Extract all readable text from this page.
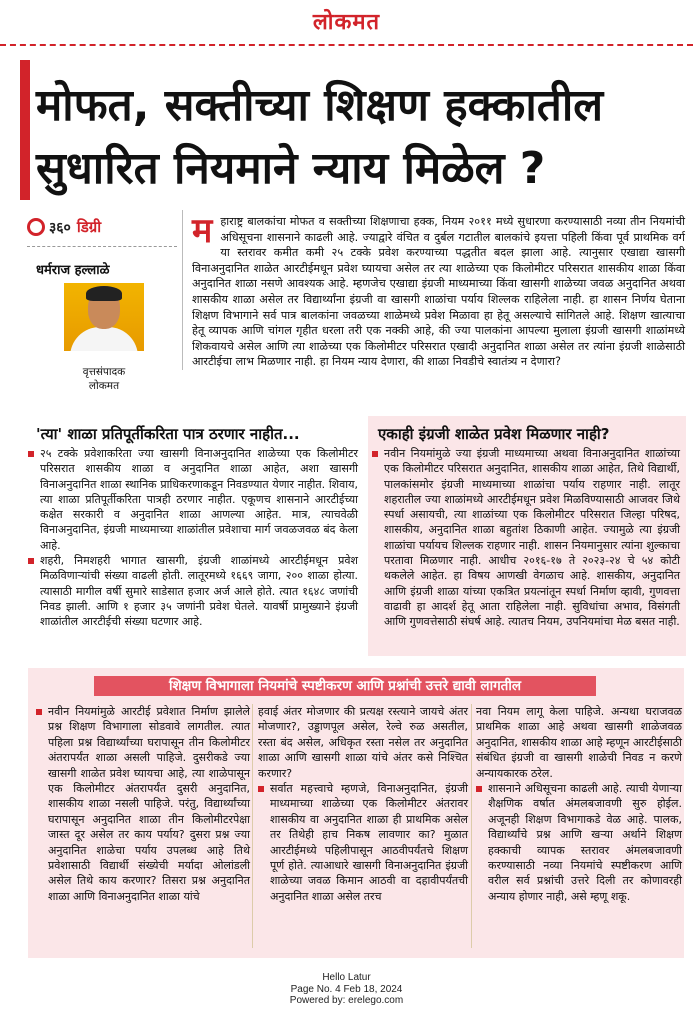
लोकमत
मोफत, सक्तीच्या शिक्षण हक्कातील
सुधारित नियमाने न्याय मिळेल ?
३६० डिग्री
धर्मराज हल्लाळे
वृत्तसंपादक
लोकमत
म हाराष्ट्र बालकांचा मोफत व सक्तीच्या शिक्षणाचा हक्क, नियम २०११ मध्ये सुधारणा करण्यासाठी नव्या तीन नियमांची अधिसूचना शासनाने काढली आहे. ज्याद्वारे वंचित व दुर्बल गटातील बालकांचे इयत्ता पहिली किंवा पूर्व प्राथमिक वर्ग या स्तरावर कमीत कमी २५ टक्के प्रवेश करण्याच्या पद्धतीत बदल झाला आहे. त्यानुसार एखाद्या खासगी विनाअनुदानित शाळेत आरटीईमधून प्रवेश घ्यायचा असेल तर त्या शाळेच्या एक किलोमीटर परिसरात शासकीय शाळा किंवा अनुदानित शाळा नसणे आवश्यक आहे. म्हणजेच एखाद्या इंग्रजी माध्यमाच्या किंवा खासगी शाळेच्या जवळ अनुदानित अथवा शासकीय शाळा असेल तर विद्यार्थ्यांना इंग्रजी वा खासगी शाळांचा पर्याय शिल्लक राहिलेला नाही. हा शासन निर्णय घेताना शिक्षण विभागाने सर्व पात्र बालकांना जवळच्या शाळेमध्ये प्रवेश मिळावा हा हेतू असल्याचे सांगितले आहे. शिक्षण खात्याचा हेतू व्यापक आणि चांगल गृहीत धरला तरी एक नक्की आहे, की ज्या पालकांना आपल्या मुलाला इंग्रजी खासगी शाळांमध्ये शिकवायचे असेल आणि त्या शाळेच्या एक किलोमीटर परिसरात एखादी अनुदानित शाळा असेल तर त्यांना इंग्रजी शाळेसाठी आरटीईचा लाभ मिळणार नाही. हा नियम न्याय देणारा, की शाळा निवडीचे स्वातंत्र्य न देणारा?
'त्या' शाळा प्रतिपूर्तीकरिता पात्र ठरणार नाहीत...

२५ टक्के प्रवेशाकरिता ज्या खासगी विनाअनुदानित शाळेच्या एक किलोमीटर परिसरात शासकीय शाळा व अनुदानित शाळा आहेत, अशा खासगी विनाअनुदानित शाळा स्थानिक प्राधिकरणाकडून निवडण्यात येणार नाहीत. शिवाय, त्या शाळा प्रतिपूर्तीकरिता पात्रही ठरणार नाहीत. एकूणच शासनाने आरटीईच्या कक्षेत सरकारी व अनुदानित शाळा आणल्या आहेत. मात्र, त्याचवेळी विनाअनुदानित, इंग्रजी माध्यमाच्या शाळांतील प्रवेशाचा मार्ग जवळजवळ बंद केला आहे.

शहरी, निमशहरी भागात खासगी, इंग्रजी शाळांमध्ये आरटीईमधून प्रवेश मिळविणाऱ्यांची संख्या वाढली होती. लातूरमध्ये १६६९ जागा, २०० शाळा होत्या. त्यासाठी मागील वर्षी सुमारे साडेसात हजार अर्ज आले होते. त्यात १६४८ जणांची निवड झाली. आणि १ हजार ३५ जणांनी प्रवेश घेतले. यावर्षी प्रामुख्याने इंग्रजी शाळांतील आरटीईची संख्या घटणार आहे.

एकाही इंग्रजी शाळेत प्रवेश मिळणार नाही?

नवीन नियमांमुळे ज्या इंग्रजी माध्यमाच्या अथवा विनाअनुदानित शाळांच्या एक किलोमीटर परिसरात अनुदानित, शासकीय शाळा आहेत, तिथे विद्यार्थी, पालकांसमोर इंग्रजी माध्यमाच्या शाळांचा पर्याय राहणार नाही. लातूर शहरातील ज्या शाळांमध्ये आरटीईमधून प्रवेश मिळविण्यासाठी आजवर जिथे स्पर्धा असायची, त्या शाळांच्या एक किलोमीटर परिसरात जिल्हा परिषद, शासकीय, अनुदानित शाळा बहुतांश ठिकाणी आहेत. ज्यामुळे त्या इंग्रजी शाळांचा पर्यायच शिल्लक राहणार नाही. शासन नियमानुसार त्यांना शुल्काचा परतावा मिळणार नाही. आधीच २०१६-१७ ते २०२३-२४ चे ५४ कोटी थकलेले आहेत. हा विषय आणखी वेगळाच आहे. शासकीय, अनुदानित आणि इंग्रजी शाळा यांच्या एकत्रित प्रयत्नांतून स्पर्धा निर्माण व्हावी, गुणवत्ता वाढावी हा आदर्श हेतू आता राहिलेला नाही. सुविधांचा अभाव, विसंगती आणि गुणवत्तेसाठी संघर्ष आहे. त्यातच नियम, उपनियमांचा मेळ बसत नाही.

शिक्षण विभागाला नियमांचे स्पष्टीकरण आणि प्रश्नांची उत्तरे द्यावी लागतील

नवीन नियमांमुळे आरटीई प्रवेशात निर्माण झालेले प्रश्न शिक्षण विभागाला सोडवावे लागतील. त्यात पहिला प्रश्न विद्यार्थ्यांच्या घरापासून तीन किलोमीटर अंतरापर्यंत शाळा असली पाहिजे. दुसरीकडे ज्या खासगी शाळेत प्रवेश घ्यायचा आहे, त्या शाळेपासून एक किलोमीटर अंतरापर्यंत दुसरी अनुदानित, शासकीय शाळा नसली पाहिजे. परंतु, विद्यार्थ्यांच्या घरापासून अनुदानित शाळा तीन किलोमीटरपेक्षा जास्त दूर असेल तर काय पर्याय? दुसरा प्रश्न ज्या अनुदानित शाळेचा पर्याय उपलब्ध आहे तिथे प्रवेशासाठी विद्यार्थी संख्येची मर्यादा ओलांडली असेल तिथे काय करणार? तिसरा प्रश्न अनुदानित शाळा आणि विनाअनुदानित शाळा यांचे

हवाई अंतर मोजणार की प्रत्यक्ष रस्त्याने जायचे अंतर मोजणार?, उड्डाणपूल असेल, रेल्वे रुळ असतील, रस्ता बंद असेल, अधिकृत रस्ता नसेल तर अनुदानित शाळा आणि खासगी शाळा यांचे अंतर कसे निश्चित करणार?

सर्वात महत्त्वाचे म्हणजे, विनाअनुदानित, इंग्रजी माध्यमाच्या शाळेच्या एक किलोमीटर अंतरावर शासकीय वा अनुदानित शाळा ही प्राथमिक असेल तर तिथेही हाच निकष लावणार का? मुळात आरटीईमध्ये पहिलीपासून आठवीपर्यंतचे शिक्षण पूर्ण होते. त्याआधारे खासगी विनाअनुदानित इंग्रजी शाळेच्या जवळ किमान आठवी वा दहावीपर्यंतची अनुदानित शाळा असेल तरच

नवा नियम लागू केला पाहिजे. अन्यथा घराजवळ प्राथमिक शाळा आहे अथवा खासगी शाळेजवळ अनुदानित, शासकीय शाळा आहे म्हणून आरटीईसाठी संबंधित इंग्रजी वा खासगी शाळेची निवड न करणे अन्यायकारक ठरेल.

शासनाने अधिसूचना काढली आहे. त्याची येणाऱ्या शैक्षणिक वर्षात अंमलबजावणी सुरु होईल. अजूनही शिक्षण विभागाकडे वेळ आहे. पालक, विद्यार्थ्यांचे प्रश्न आणि खऱ्या अर्थाने शिक्षण हक्काची व्यापक स्तरावर अंमलबजावणी करण्यासाठी नव्या नियमांचे स्पष्टीकरण आणि वरील सर्व प्रश्नांची उत्तरे दिली तर कोणावरही अन्याय होणार नाही, असे म्हणू शकू.

Hello Latur
Page No. 4 Feb 18, 2024
Powered by: erelego.com
